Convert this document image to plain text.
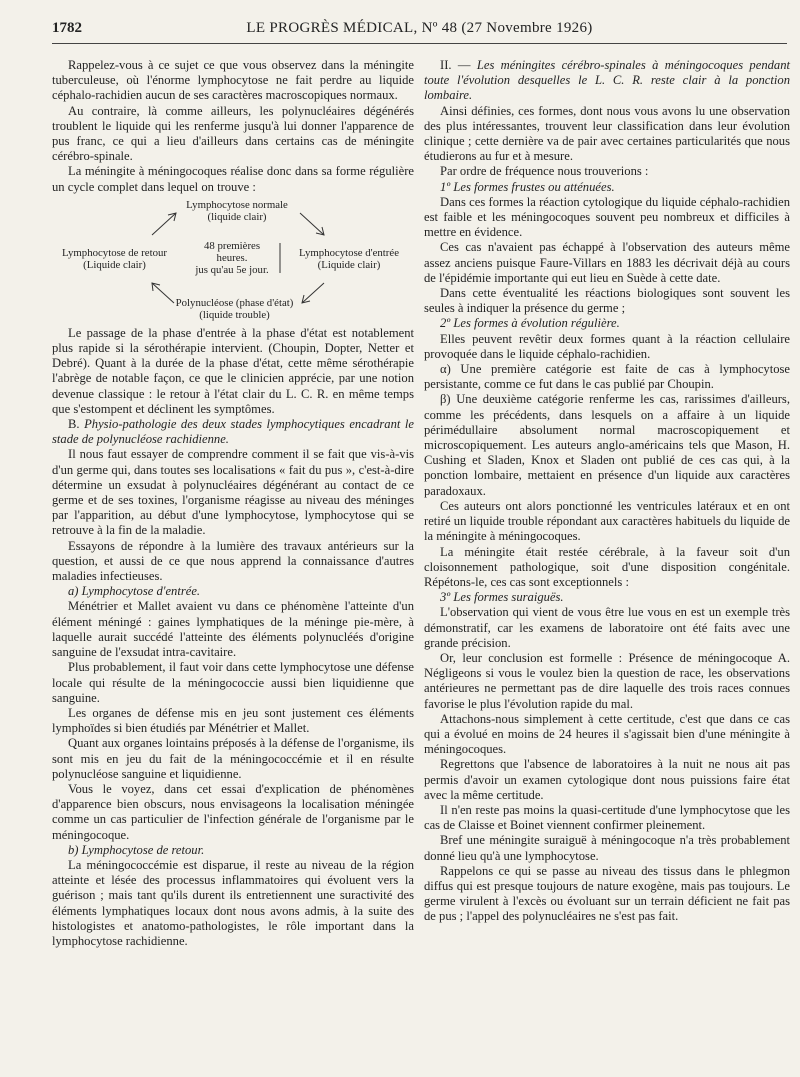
1782	LE PROGRÈS MÉDICAL, Nº 48 (27 Novembre 1926)

Rappelez-vous à ce sujet ce que vous observez dans la méningite tuberculeuse, où l'énorme lymphocytose ne fait perdre au liquide céphalo-rachidien aucun de ses caractères macroscopiques normaux.

Au contraire, là comme ailleurs, les polynucléaires dégénérés troublent le liquide qui les renferme jusqu'à lui donner l'apparence de pus franc, ce qui a lieu d'ailleurs dans certains cas de méningite cérébro-spinale.

La méningite à méningocoques réalise donc dans sa forme régulière un cycle complet dans lequel on trouve :

Lymphocytose normale
(liquide clair)
Lymphocytose de retour
(Liquide clair)
48 premières
heures.
jus qu'au 5e jour.
Lymphocytose d'entrée
(Liquide clair)
Polynucléose (phase d'état)
(liquide trouble)

Le passage de la phase d'entrée à la phase d'état est notablement plus rapide si la sérothérapie intervient. (Choupin, Dopter, Netter et Debré). Quant à la durée de la phase d'état, cette même sérothérapie l'abrège de notable façon, ce que le clinicien apprécie, par une notion devenue classique : le retour à l'état clair du L. C. R. en même temps que s'estompent et déclinent les symptômes.

B. Physio-pathologie des deux stades lymphocytiques encadrant le stade de polynucléose rachidienne.

Il nous faut essayer de comprendre comment il se fait que vis-à-vis d'un germe qui, dans toutes ses localisations « fait du pus », c'est-à-dire détermine un exsudat à polynucléaires dégénérant au contact de ce germe et de ses toxines, l'organisme réagisse au niveau des méninges par l'apparition, au début d'une lymphocytose, lymphocytose qui se retrouve à la fin de la maladie.

Essayons de répondre à la lumière des travaux antérieurs sur la question, et aussi de ce que nous apprend la connaissance d'autres maladies infectieuses.

a) Lymphocytose d'entrée.

Ménétrier et Mallet avaient vu dans ce phénomène l'atteinte d'un élément méningé : gaines lymphatiques de la méninge pie-mère, à laquelle aurait succédé l'atteinte des éléments polynucléés d'origine sanguine de l'exsudat intra-cavitaire.

Plus probablement, il faut voir dans cette lymphocytose une défense locale qui résulte de la méningococcie aussi bien liquidienne que sanguine.

Les organes de défense mis en jeu sont justement ces éléments lymphoïdes si bien étudiés par Ménétrier et Mallet.

Quant aux organes lointains préposés à la défense de l'organisme, ils sont mis en jeu du fait de la méningococcémie et il en résulte polynucléose sanguine et liquidienne.

Vous le voyez, dans cet essai d'explication de phénomènes d'apparence bien obscurs, nous envisageons la localisation méningée comme un cas particulier de l'infection générale de l'organisme par le méningocoque.

b) Lymphocytose de retour.

La méningococcémie est disparue, il reste au niveau de la région atteinte et lésée des processus inflammatoires qui évoluent vers la guérison ; mais tant qu'ils durent ils entretiennent une suractivité des éléments lymphatiques locaux dont nous avons admis, à la suite des histologistes et anatomo-pathologistes, le rôle important dans la lymphocytose rachidienne.

II. — Les méningites cérébro-spinales à méningocoques pendant toute l'évolution desquelles le L. C. R. reste clair à la ponction lombaire.

Ainsi définies, ces formes, dont nous vous avons lu une observation des plus intéressantes, trouvent leur classification dans leur évolution clinique ; cette dernière va de pair avec certaines particularités que nous étudierons au fur et à mesure.

Par ordre de fréquence nous trouverions :

1º Les formes frustes ou atténuées.

Dans ces formes la réaction cytologique du liquide céphalo-rachidien est faible et les méningocoques souvent peu nombreux et difficiles à mettre en évidence.

Ces cas n'avaient pas échappé à l'observation des auteurs même assez anciens puisque Faure-Villars en 1883 les décrivait déjà au cours de l'épidémie importante qui eut lieu en Suède à cette date.

Dans cette éventualité les réactions biologiques sont souvent les seules à indiquer la présence du germe ;

2º Les formes à évolution régulière.

Elles peuvent revêtir deux formes quant à la réaction cellulaire provoquée dans le liquide céphalo-rachidien.

α) Une première catégorie est faite de cas à lymphocytose persistante, comme ce fut dans le cas publié par Choupin.

β) Une deuxième catégorie renferme les cas, rarissimes d'ailleurs, comme les précédents, dans lesquels on a affaire à un liquide périmédullaire absolument normal macroscopiquement et microscopiquement. Les auteurs anglo-américains tels que Mason, H. Cushing et Sladen, Knox et Sladen ont publié de ces cas qui, à la ponction lombaire, mettaient en présence d'un liquide aux caractères paradoxaux.

Ces auteurs ont alors ponctionné les ventricules latéraux et en ont retiré un liquide trouble répondant aux caractères habituels du liquide de la méningite à méningocoques.

La méningite était restée cérébrale, à la faveur soit d'un cloisonnement pathologique, soit d'une disposition congénitale. Répétons-le, ces cas sont exceptionnels :

3º Les formes suraiguës.

L'observation qui vient de vous être lue vous en est un exemple très démonstratif, car les examens de laboratoire ont été faits avec une grande précision.

Or, leur conclusion est formelle : Présence de méningocoque A. Négligeons si vous le voulez bien la question de race, les observations antérieures ne permettant pas de dire laquelle des trois races connues favorise le plus l'évolution rapide du mal.

Attachons-nous simplement à cette certitude, c'est que dans ce cas qui a évolué en moins de 24 heures il s'agissait bien d'une méningite à méningocoques.

Regrettons que l'absence de laboratoires à la nuit ne nous ait pas permis d'avoir un examen cytologique dont nous puissions faire état avec la même certitude.

Il n'en reste pas moins la quasi-certitude d'une lymphocytose que les cas de Claisse et Boinet viennent confirmer pleinement.

Bref une méningite suraiguë à méningocoque n'a très probablement donné lieu qu'à une lymphocytose.

Rappelons ce qui se passe au niveau des tissus dans le phlegmon diffus qui est presque toujours de nature exogène, mais pas toujours. Le germe virulent à l'excès ou évoluant sur un terrain déficient ne fait pas de pus ; l'appel des polynucléaires ne s'est pas fait.
